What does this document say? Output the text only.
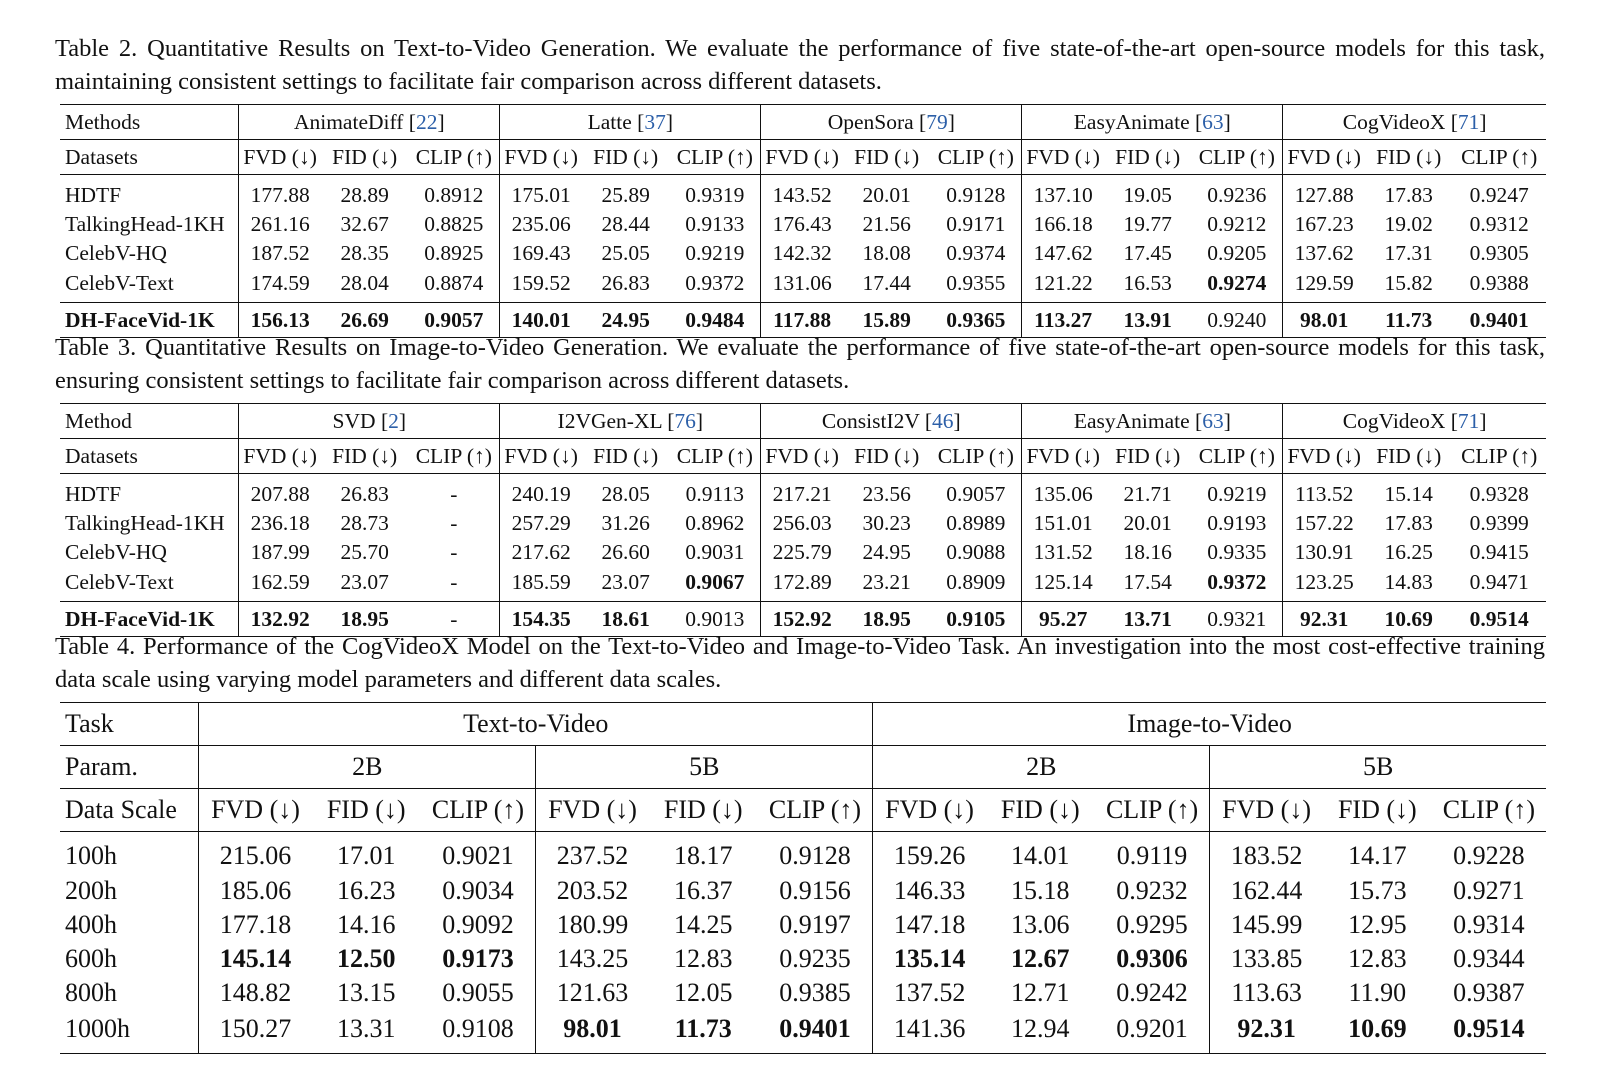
Table 2. Quantitative Results on Text-to-Video Generation. We evaluate the performance of five state-of-the-art open-source models for this task, maintaining consistent settings to facilitate fair comparison across different datasets.
Methods	AnimateDiff [22]			Latte [37]			OpenSora [79]			EasyAnimate [63]			CogVideoX [71]		
Datasets	FVD (↓)	FID (↓)	CLIP (↑)	FVD (↓)	FID (↓)	CLIP (↑)	FVD (↓)	FID (↓)	CLIP (↑)	FVD (↓)	FID (↓)	CLIP (↑)	FVD (↓)	FID (↓)	CLIP (↑)
HDTF	177.88	28.89	0.8912	175.01	25.89	0.9319	143.52	20.01	0.9128	137.10	19.05	0.9236	127.88	17.83	0.9247
TalkingHead-1KH	261.16	32.67	0.8825	235.06	28.44	0.9133	176.43	21.56	0.9171	166.18	19.77	0.9212	167.23	19.02	0.9312
CelebV-HQ	187.52	28.35	0.8925	169.43	25.05	0.9219	142.32	18.08	0.9374	147.62	17.45	0.9205	137.62	17.31	0.9305
CelebV-Text	174.59	28.04	0.8874	159.52	26.83	0.9372	131.06	17.44	0.9355	121.22	16.53	0.9274	129.59	15.82	0.9388
DH-FaceVid-1K	156.13	26.69	0.9057	140.01	24.95	0.9484	117.88	15.89	0.9365	113.27	13.91	0.9240	98.01	11.73	0.9401
Table 3. Quantitative Results on Image-to-Video Generation. We evaluate the performance of five state-of-the-art open-source models for this task, ensuring consistent settings to facilitate fair comparison across different datasets.
Method	SVD [2]			I2VGen-XL [76]			ConsistI2V [46]			EasyAnimate [63]			CogVideoX [71]		
Datasets	FVD (↓)	FID (↓)	CLIP (↑)	FVD (↓)	FID (↓)	CLIP (↑)	FVD (↓)	FID (↓)	CLIP (↑)	FVD (↓)	FID (↓)	CLIP (↑)	FVD (↓)	FID (↓)	CLIP (↑)
HDTF	207.88	26.83	-	240.19	28.05	0.9113	217.21	23.56	0.9057	135.06	21.71	0.9219	113.52	15.14	0.9328
TalkingHead-1KH	236.18	28.73	-	257.29	31.26	0.8962	256.03	30.23	0.8989	151.01	20.01	0.9193	157.22	17.83	0.9399
CelebV-HQ	187.99	25.70	-	217.62	26.60	0.9031	225.79	24.95	0.9088	131.52	18.16	0.9335	130.91	16.25	0.9415
CelebV-Text	162.59	23.07	-	185.59	23.07	0.9067	172.89	23.21	0.8909	125.14	17.54	0.9372	123.25	14.83	0.9471
DH-FaceVid-1K	132.92	18.95	-	154.35	18.61	0.9013	152.92	18.95	0.9105	95.27	13.71	0.9321	92.31	10.69	0.9514
Table 4. Performance of the CogVideoX Model on the Text-to-Video and Image-to-Video Task. An investigation into the most cost-effective training data scale using varying model parameters and different data scales.
Task	Text-to-Video						Image-to-Video					
Param.	2B			5B			2B			5B		
Data Scale	FVD (↓)	FID (↓)	CLIP (↑)	FVD (↓)	FID (↓)	CLIP (↑)	FVD (↓)	FID (↓)	CLIP (↑)	FVD (↓)	FID (↓)	CLIP (↑)
100h	215.06	17.01	0.9021	237.52	18.17	0.9128	159.26	14.01	0.9119	183.52	14.17	0.9228
200h	185.06	16.23	0.9034	203.52	16.37	0.9156	146.33	15.18	0.9232	162.44	15.73	0.9271
400h	177.18	14.16	0.9092	180.99	14.25	0.9197	147.18	13.06	0.9295	145.99	12.95	0.9314
600h	145.14	12.50	0.9173	143.25	12.83	0.9235	135.14	12.67	0.9306	133.85	12.83	0.9344
800h	148.82	13.15	0.9055	121.63	12.05	0.9385	137.52	12.71	0.9242	113.63	11.90	0.9387
1000h	150.27	13.31	0.9108	98.01	11.73	0.9401	141.36	12.94	0.9201	92.31	10.69	0.9514
